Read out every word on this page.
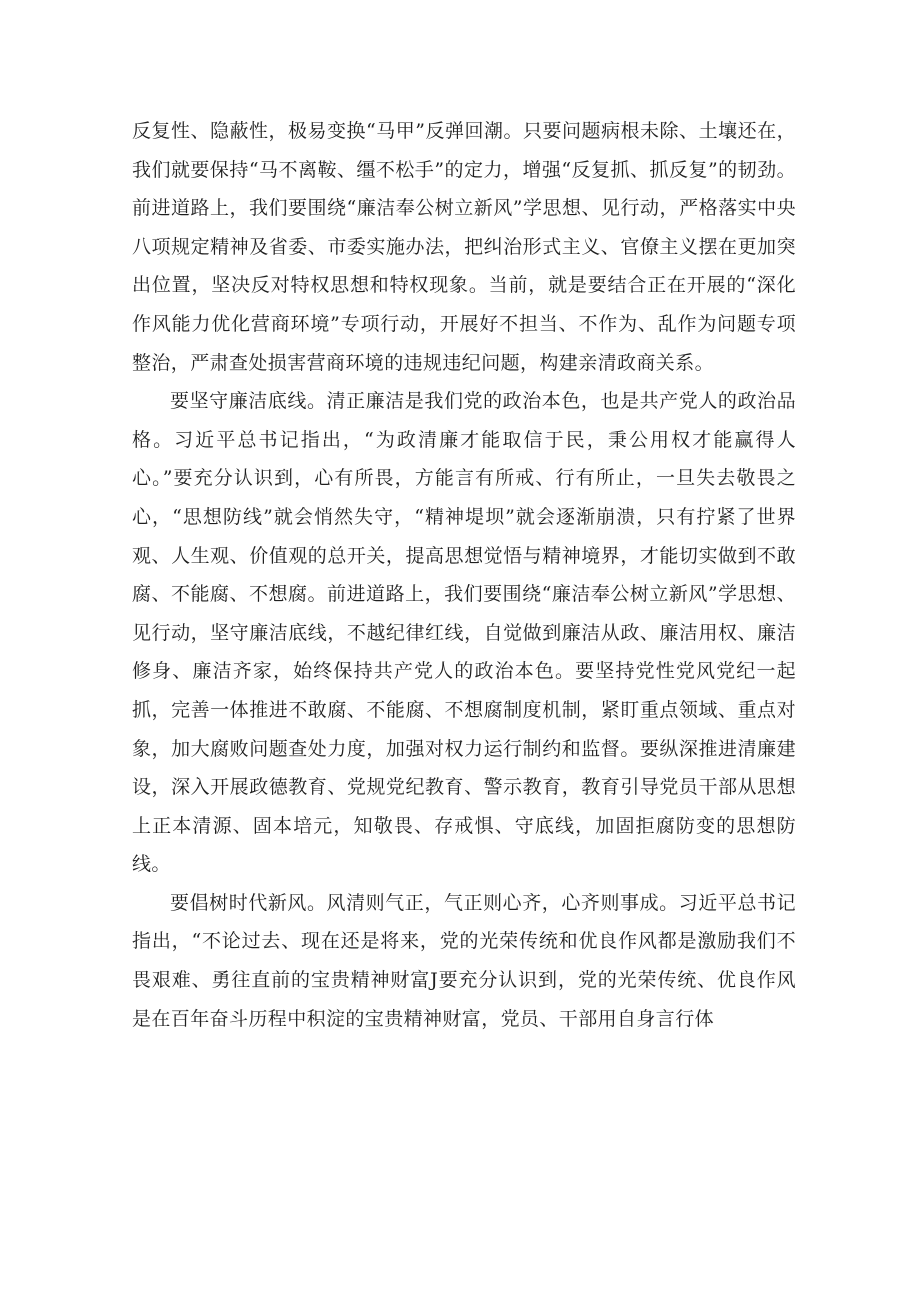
反复性、隐蔽性，极易变换“马甲”反弹回潮。只要问题病根未除、土壤还在，我们就要保持“马不离鞍、缰不松手”的定力，增强“反复抓、抓反复”的韧劲。前进道路上，我们要围绕“廉洁奉公树立新风”学思想、见行动，严格落实中央八项规定精神及省委、市委实施办法，把纠治形式主义、官僚主义摆在更加突出位置，坚决反对特权思想和特权现象。当前，就是要结合正在开展的“深化作风能力优化营商环境”专项行动，开展好不担当、不作为、乱作为问题专项整治，严肃查处损害营商环境的违规违纪问题，构建亲清政商关系。

要坚守廉洁底线。清正廉洁是我们党的政治本色，也是共产党人的政治品格。习近平总书记指出，“为政清廉才能取信于民，秉公用权才能赢得人心。”要充分认识到，心有所畏，方能言有所戒、行有所止，一旦失去敬畏之心，“思想防线”就会悄然失守，“精神堤坝”就会逐渐崩溃，只有拧紧了世界观、人生观、价值观的总开关，提高思想觉悟与精神境界，才能切实做到不敢腐、不能腐、不想腐。前进道路上，我们要围绕“廉洁奉公树立新风”学思想、见行动，坚守廉洁底线，不越纪律红线，自觉做到廉洁从政、廉洁用权、廉洁修身、廉洁齐家，始终保持共产党人的政治本色。要坚持党性党风党纪一起抓，完善一体推进不敢腐、不能腐、不想腐制度机制，紧盯重点领域、重点对象，加大腐败问题查处力度，加强对权力运行制约和监督。要纵深推进清廉建设，深入开展政德教育、党规党纪教育、警示教育，教育引导党员干部从思想上正本清源、固本培元，知敬畏、存戒惧、守底线，加固拒腐防变的思想防线。

要倡树时代新风。风清则气正，气正则心齐，心齐则事成。习近平总书记指出，“不论过去、现在还是将来，党的光荣传统和优良作风都是激励我们不畏艰难、勇往直前的宝贵精神财富J要充分认识到，党的光荣传统、优良作风是在百年奋斗历程中积淀的宝贵精神财富，党员、干部用自身言行体
